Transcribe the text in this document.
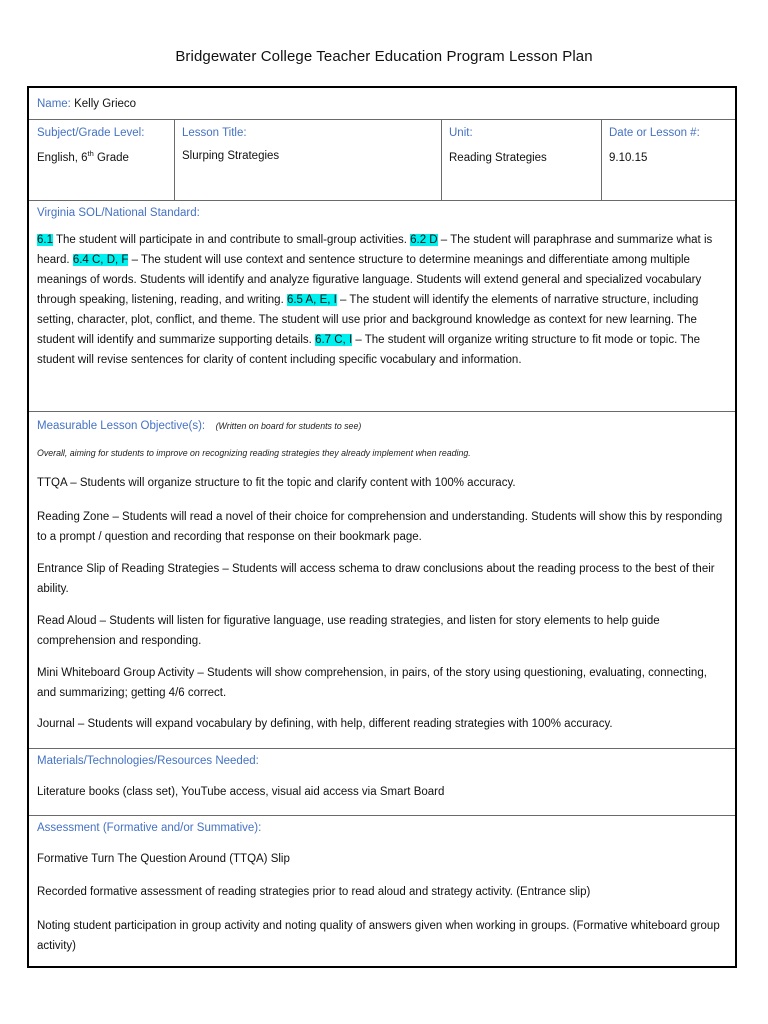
Bridgewater College Teacher Education Program Lesson Plan
Name: Kelly Grieco
Subject/Grade Level:
English, 6th Grade
Lesson Title:
Slurping Strategies
Unit:
Reading Strategies
Date or Lesson #:
9.10.15
Virginia SOL/National Standard:

6.1 The student will participate in and contribute to small-group activities. 6.2 D – The student will paraphrase and summarize what is heard. 6.4 C, D, F – The student will use context and sentence structure to determine meanings and differentiate among multiple meanings of words. Students will identify and analyze figurative language. Students will extend general and specialized vocabulary through speaking, listening, reading, and writing. 6.5 A, E, I – The student will identify the elements of narrative structure, including setting, character, plot, conflict, and theme. The student will use prior and background knowledge as context for new learning. The student will identify and summarize supporting details. 6.7 C, I – The student will organize writing structure to fit mode or topic. The student will revise sentences for clarity of content including specific vocabulary and information.

Measurable Lesson Objective(s): (Written on board for students to see)

Overall, aiming for students to improve on recognizing reading strategies they already implement when reading.

TTQA – Students will organize structure to fit the topic and clarify content with 100% accuracy.

Reading Zone – Students will read a novel of their choice for comprehension and understanding. Students will show this by responding to a prompt / question and recording that response on their bookmark page.

Entrance Slip of Reading Strategies – Students will access schema to draw conclusions about the reading process to the best of their ability.

Read Aloud – Students will listen for figurative language, use reading strategies, and listen for story elements to help guide comprehension and responding.

Mini Whiteboard Group Activity – Students will show comprehension, in pairs, of the story using questioning, evaluating, connecting, and summarizing; getting 4/6 correct.

Journal – Students will expand vocabulary by defining, with help, different reading strategies with 100% accuracy.

Materials/Technologies/Resources Needed:

Literature books (class set), YouTube access, visual aid access via Smart Board

Assessment (Formative and/or Summative):

Formative Turn The Question Around (TTQA) Slip

Recorded formative assessment of reading strategies prior to read aloud and strategy activity. (Entrance slip)

Noting student participation in group activity and noting quality of answers given when working in groups. (Formative whiteboard group activity)
